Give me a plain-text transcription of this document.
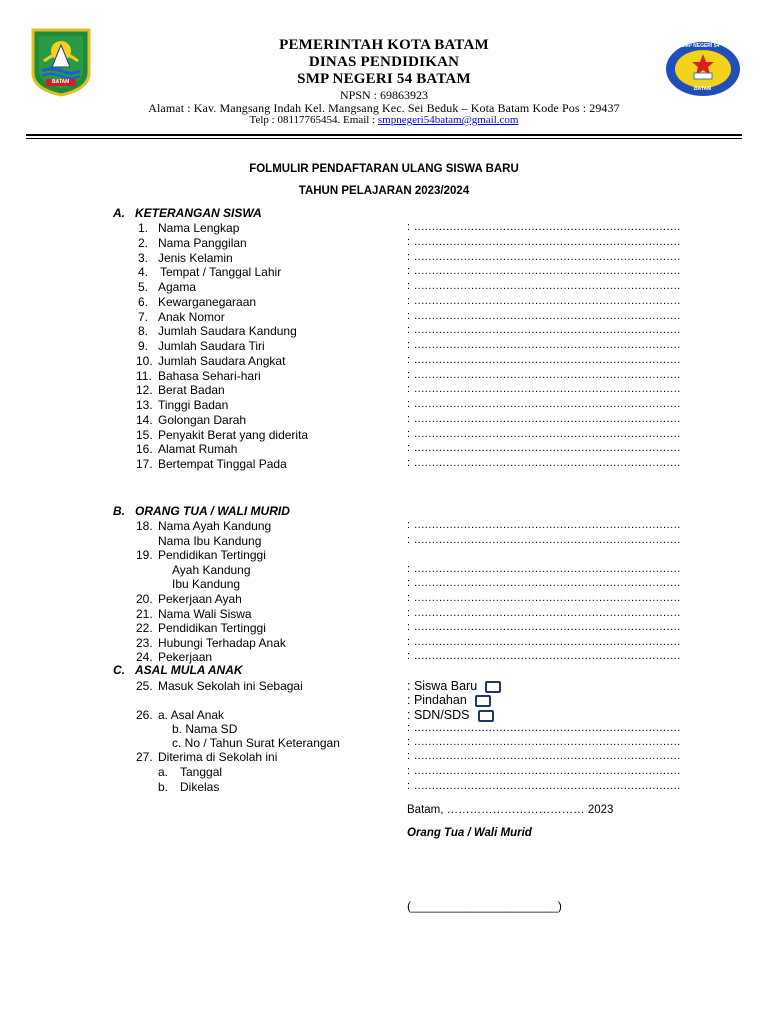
BATAM
SMP NEGERI 54
BATAM
PEMERINTAH KOTA BATAM
DINAS PENDIDIKAN
SMP NEGERI 54 BATAM
NPSN : 69863923
Alamat : Kav. Mangsang Indah Kel. Mangsang Kec. Sei Beduk – Kota Batam Kode Pos : 29437
Telp : 08117765454. Email : smpnegeri54batam@gmail.com
FOLMULIR PENDAFTARAN ULANG SISWA BARU
TAHUN PELAJARAN 2023/2024
A. KETERANGAN SISWA
1. Nama Lengkap	: ...........................................................................
2. Nama Panggilan	: ...........................................................................
3. Jenis Kelamin	: ...........................................................................
4. Tempat / Tanggal Lahir	: ...........................................................................
5. Agama	: ...........................................................................
6. Kewarganegaraan	: ...........................................................................
7. Anak Nomor	: ...........................................................................
8. Jumlah Saudara Kandung	: ...........................................................................
9. Jumlah Saudara Tiri	: ...........................................................................
10. Jumlah Saudara Angkat	: ...........................................................................
11. Bahasa Sehari-hari	: ...........................................................................
12. Berat Badan	: ...........................................................................
13. Tinggi Badan	: ...........................................................................
14. Golongan Darah	: ...........................................................................
15. Penyakit Berat yang diderita	: ...........................................................................
16. Alamat Rumah	: ...........................................................................
17. Bertempat Tinggal Pada	: ...........................................................................
B. ORANG TUA / WALI MURID
18. Nama Ayah Kandung	: ...........................................................................
Nama Ibu Kandung	: ...........................................................................
19. Pendidikan Tertinggi
Ayah Kandung	: ...........................................................................
Ibu Kandung	: ...........................................................................
20. Pekerjaan Ayah	: ...........................................................................
21. Nama Wali Siswa	: ...........................................................................
22. Pendidikan Tertinggi	: ...........................................................................
23. Hubungi Terhadap Anak	: ...........................................................................
24. Pekerjaan	: ...........................................................................
C. ASAL MULA ANAK
25. Masuk Sekolah ini Sebagai	: Siswa Baru
: Pindahan
26. a. Asal Anak	: SDN/SDS
b. Nama SD	: ...........................................................................
c. No / Tahun Surat Keterangan	: ...........................................................................
27. Diterima di Sekolah ini	: ...........................................................................
a. Tanggal	: ...........................................................................
b. Dikelas	: ...........................................................................
Batam, ……………………………… 2023
Orang Tua / Wali Murid
(______________________)
